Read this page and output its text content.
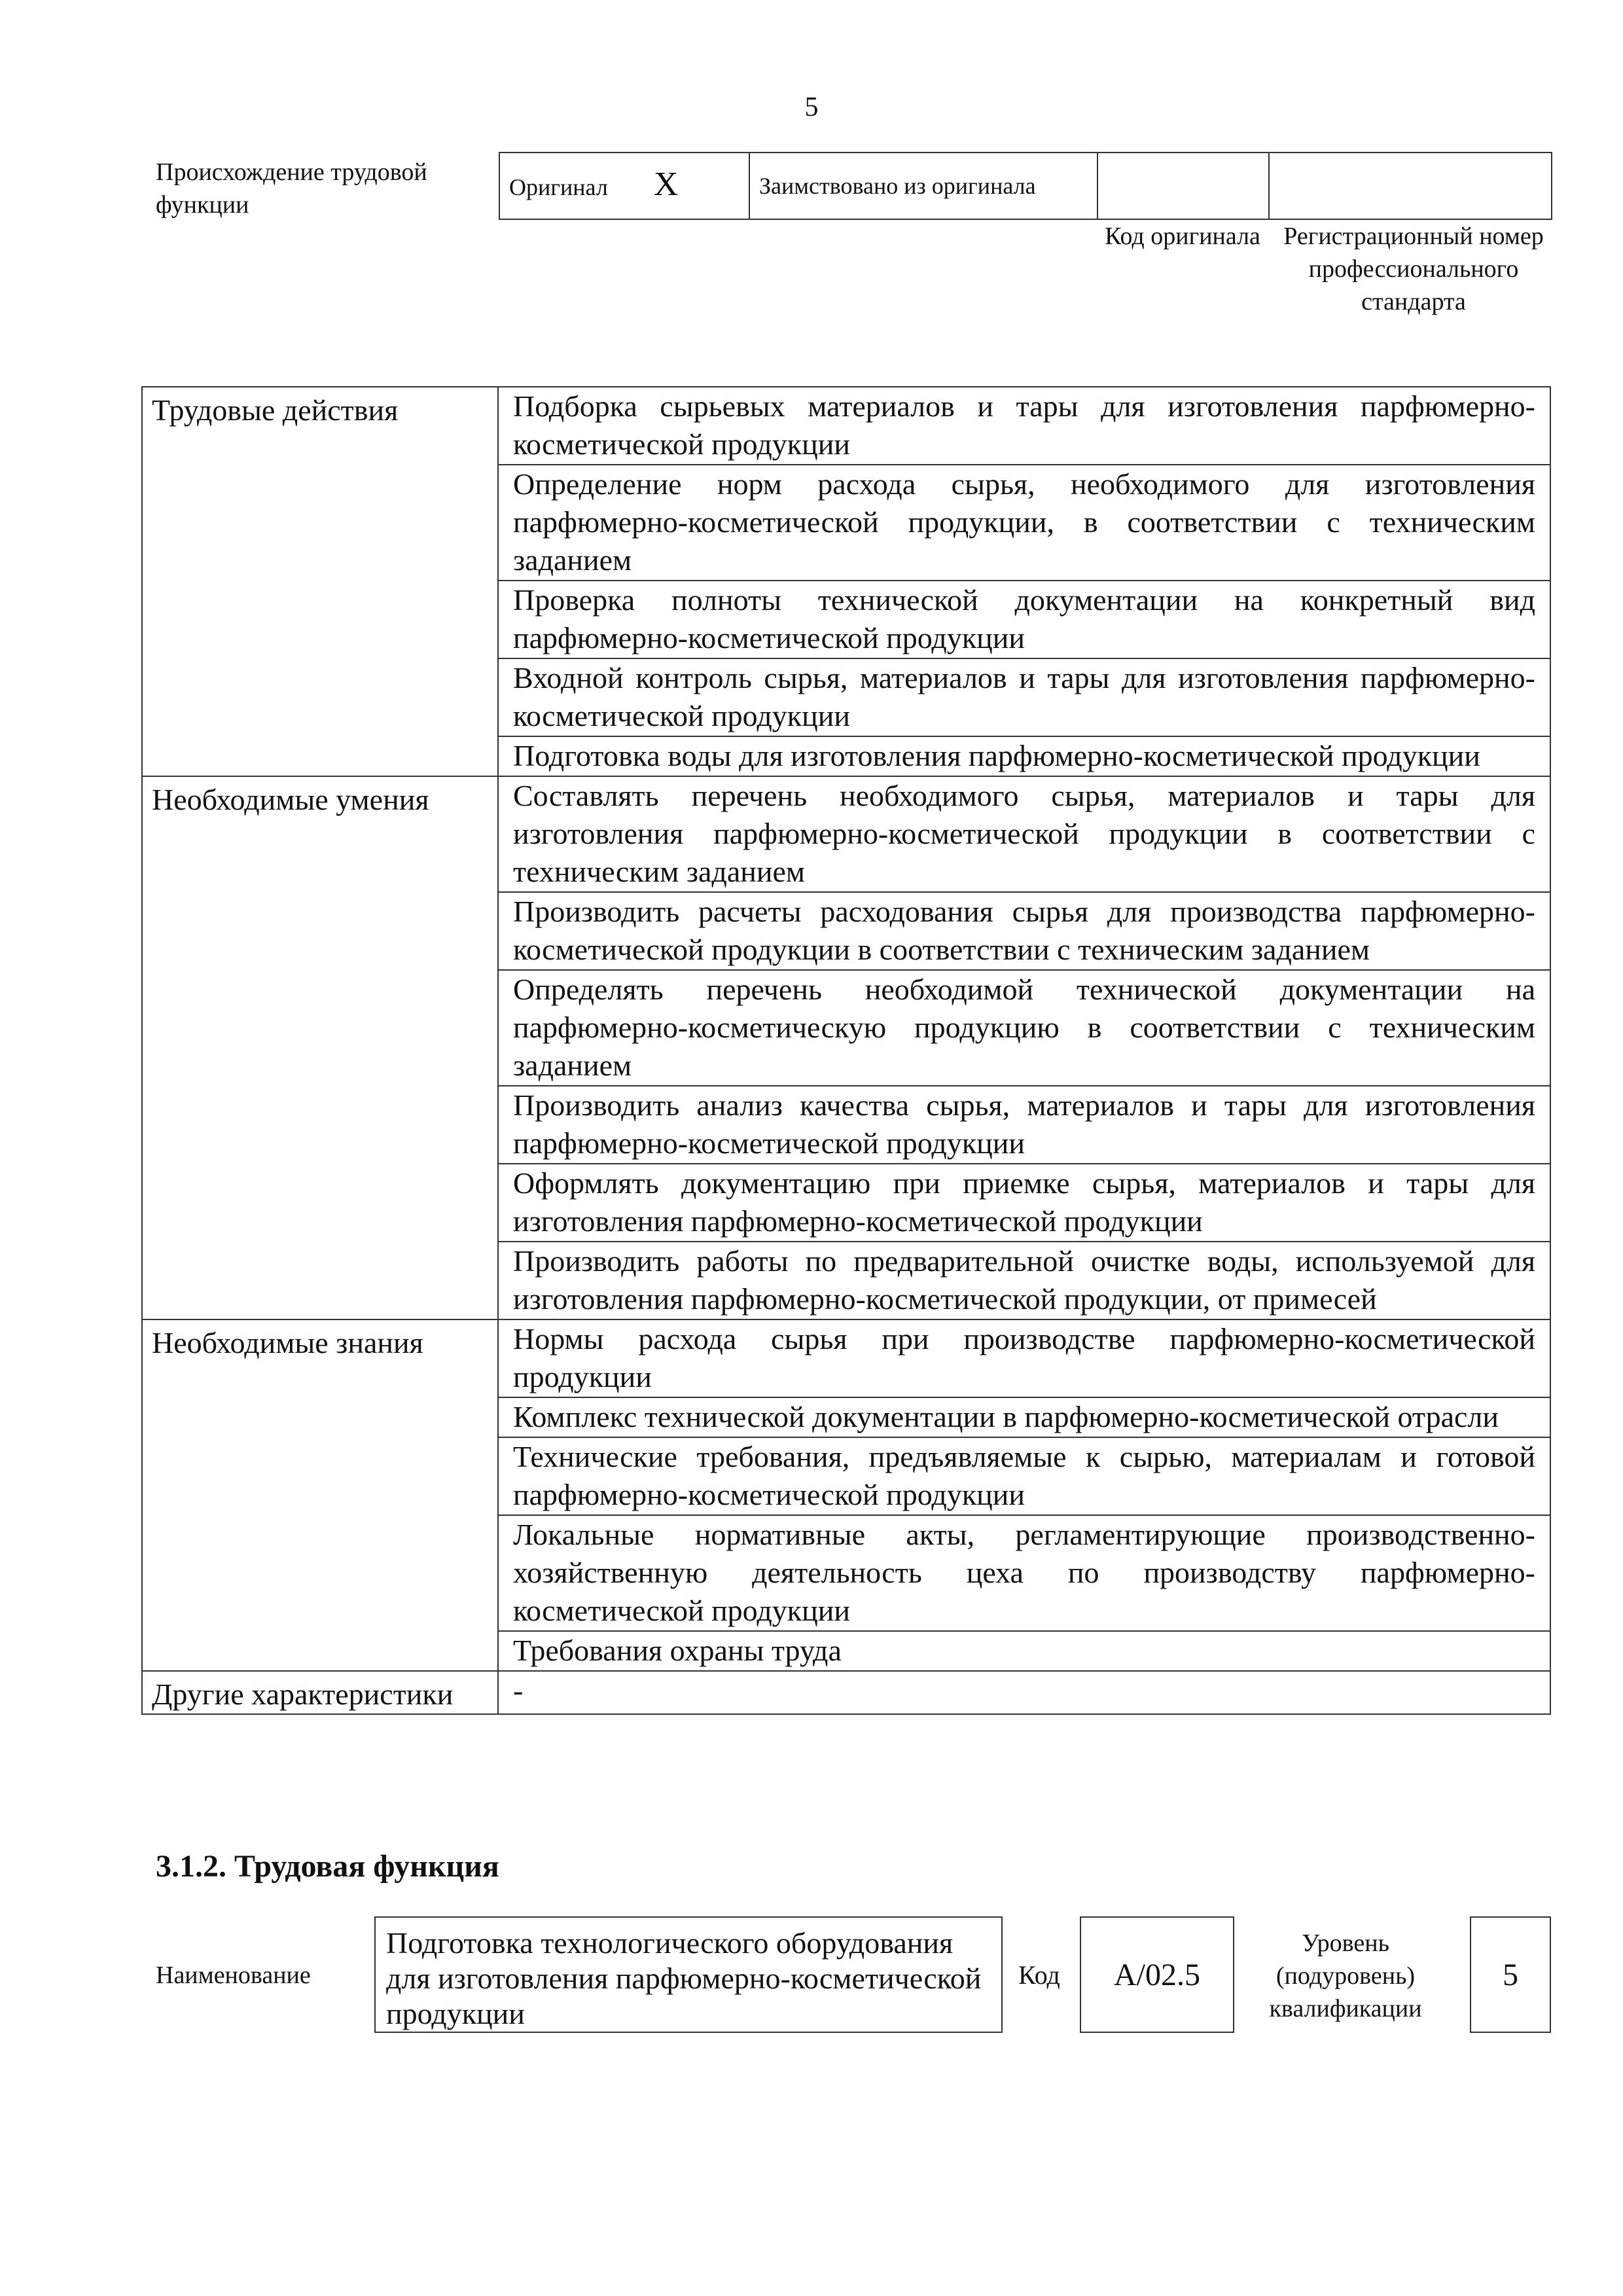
5
Происхождение трудовой функции
Оригинал X	Заимствовано из оригинала		
Код оригинала Регистрационный номер профессионального стандарта
Трудовые действия	Подборка сырьевых материалов и тары для изготовления парфюмерно-косметической продукции
	Определение норм расхода сырья, необходимого для изготовления парфюмерно-косметической продукции, в соответствии с техническим заданием
	Проверка полноты технической документации на конкретный вид парфюмерно-косметической продукции
	Входной контроль сырья, материалов и тары для изготовления парфюмерно-косметической продукции
	Подготовка воды для изготовления парфюмерно-косметической продукции
Необходимые умения	Составлять перечень необходимого сырья, материалов и тары для изготовления парфюмерно-косметической продукции в соответствии с техническим заданием
	Производить расчеты расходования сырья для производства парфюмерно-косметической продукции в соответствии с техническим заданием
	Определять перечень необходимой технической документации на парфюмерно-косметическую продукцию в соответствии с техническим заданием
	Производить анализ качества сырья, материалов и тары для изготовления парфюмерно-косметической продукции
	Оформлять документацию при приемке сырья, материалов и тары для изготовления парфюмерно-косметической продукции
	Производить работы по предварительной очистке воды, используемой для изготовления парфюмерно-косметической продукции, от примесей
Необходимые знания	Нормы расхода сырья при производстве парфюмерно-косметической продукции
	Комплекс технической документации в парфюмерно-косметической отрасли
	Технические требования, предъявляемые к сырью, материалам и готовой парфюмерно-косметической продукции
	Локальные нормативные акты, регламентирующие производственно-хозяйственную деятельность цеха по производству парфюмерно-косметической продукции
	Требования охраны труда
Другие характеристики	-
3.1.2. Трудовая функция
Наименование
Подготовка технологического оборудования для изготовления парфюмерно-косметической продукции
Код	А/02.5
Уровень (подуровень) квалификации
5
